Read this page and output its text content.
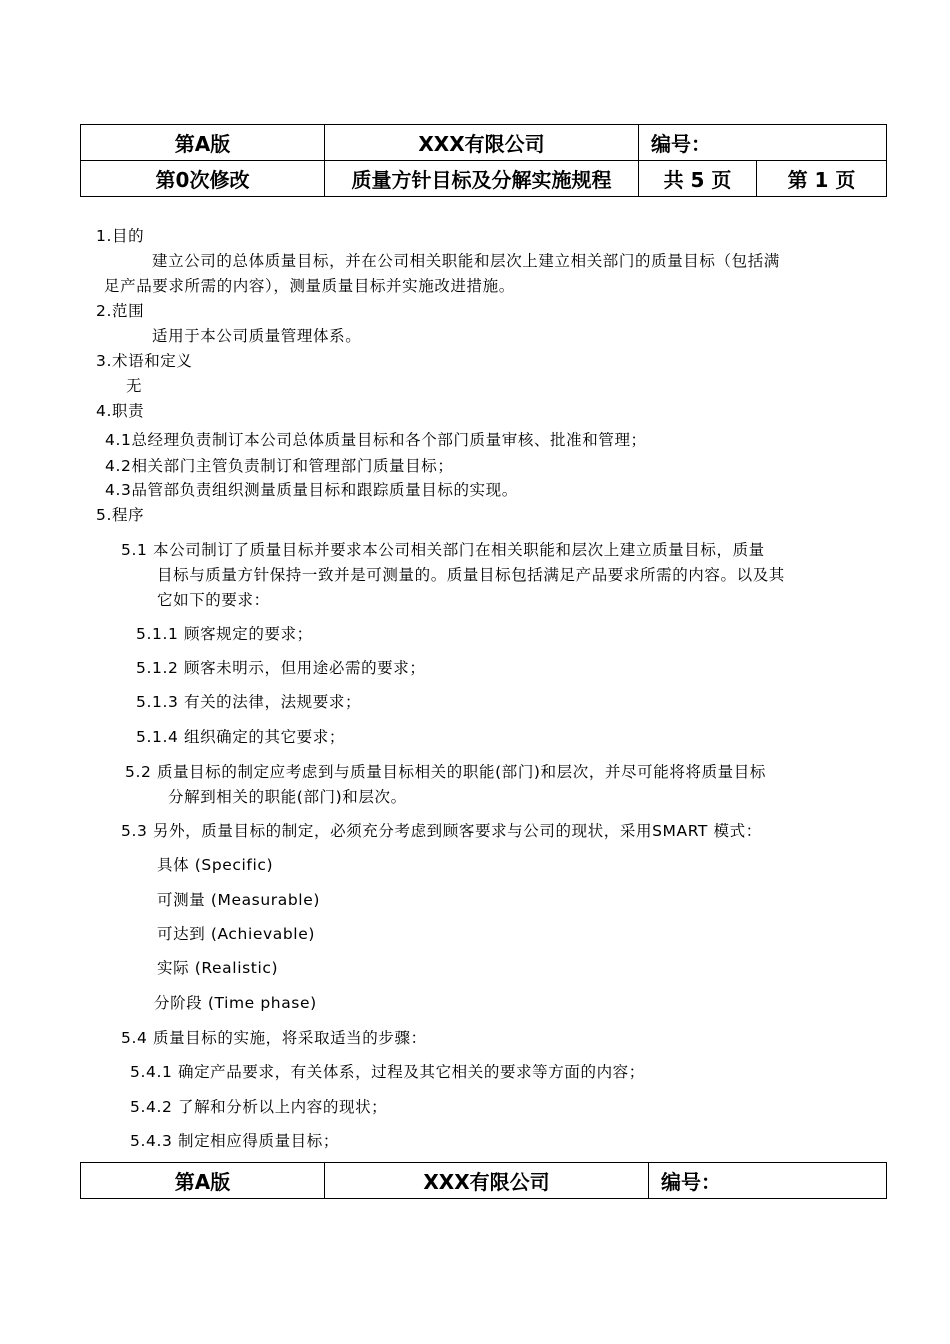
第A版	XXX有限公司	编号：	
第0次修改	质量方针目标及分解实施规程	共 5 页	第 1 页
1.目的
建立公司的总体质量目标，并在公司相关职能和层次上建立相关部门的质量目标（包括满
足产品要求所需的内容），测量质量目标并实施改进措施。
2.范围
适用于本公司质量管理体系。
3.术语和定义
无
4.职责
4.1总经理负责制订本公司总体质量目标和各个部门质量审核、批准和管理；
4.2相关部门主管负责制订和管理部门质量目标；
4.3品管部负责组织测量质量目标和跟踪质量目标的实现。
5.程序
5.1 本公司制订了质量目标并要求本公司相关部门在相关职能和层次上建立质量目标，质量
目标与质量方针保持一致并是可测量的。质量目标包括满足产品要求所需的内容。以及其
它如下的要求：
5.1.1 顾客规定的要求；
5.1.2 顾客未明示，但用途必需的要求；
5.1.3 有关的法律，法规要求；
5.1.4 组织确定的其它要求；
5.2 质量目标的制定应考虑到与质量目标相关的职能(部门)和层次，并尽可能将将质量目标
分解到相关的职能(部门)和层次。
5.3 另外，质量目标的制定，必须充分考虑到顾客要求与公司的现状，采用SMART 模式：
具体 (Specific)
可测量 (Measurable)
可达到 (Achievable)
实际 (Realistic)
分阶段 (Time phase)
5.4 质量目标的实施，将采取适当的步骤：
5.4.1 确定产品要求，有关体系，过程及其它相关的要求等方面的内容；
5.4.2 了解和分析以上内容的现状；
5.4.3 制定相应得质量目标；
第A版	XXX有限公司	编号：
